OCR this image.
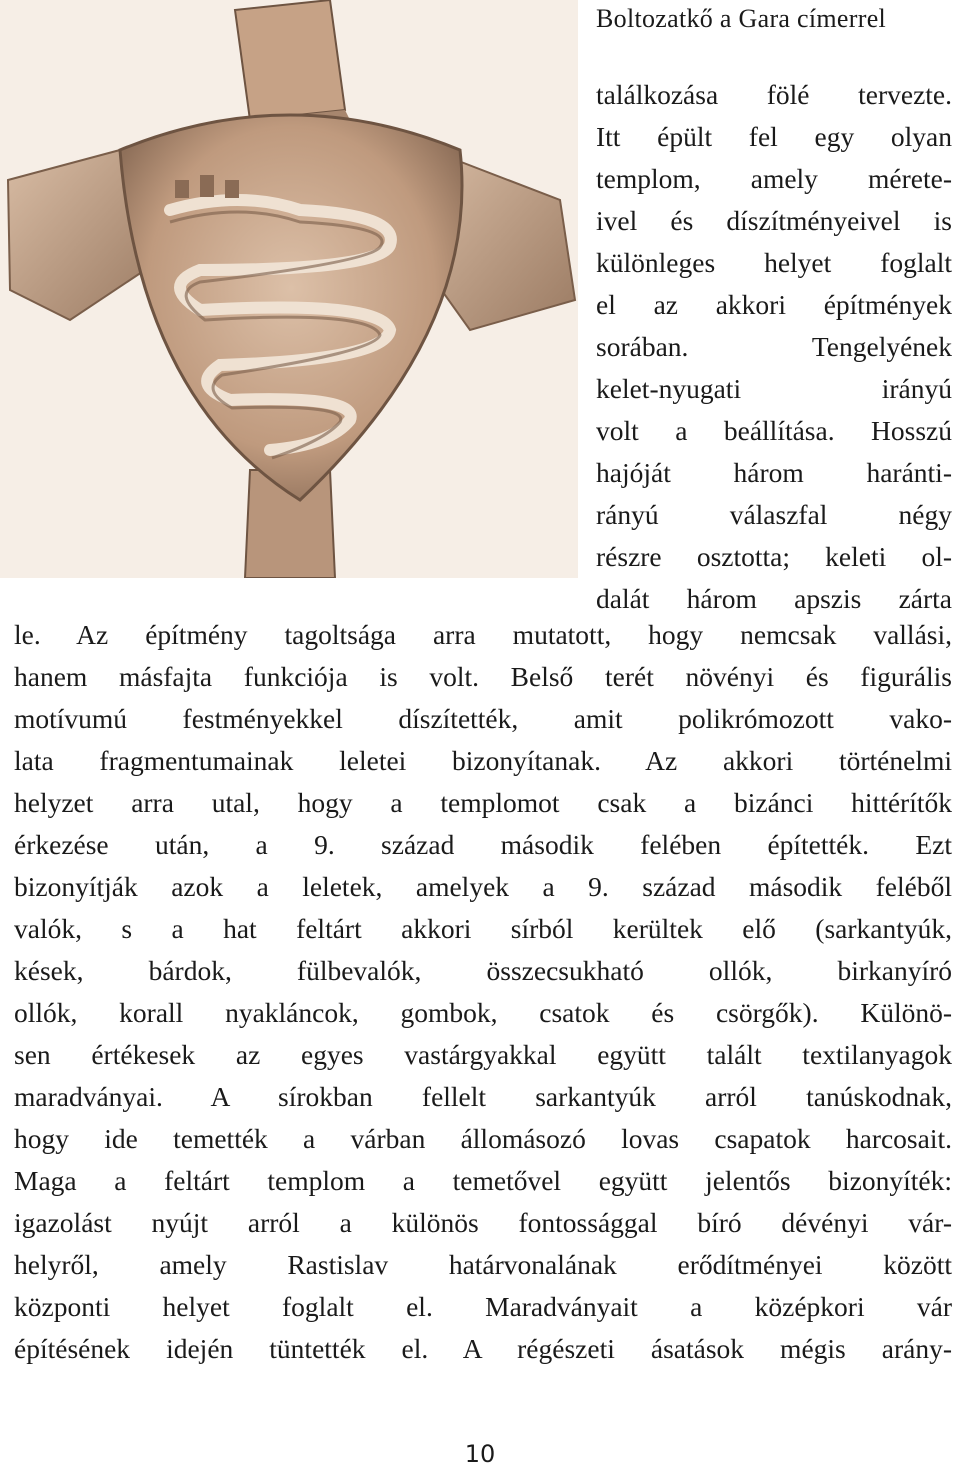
Boltozatkő a Gara címerrel
találkozása fölé tervezte.
Itt épült fel egy olyan
templom, amely mérete-
ivel és díszítményeivel is
különleges helyet foglalt
el az akkori építmények
sorában. Tengelyének
kelet-nyugati irányú
volt a beállítása. Hosszú
hajóját három haránti-
rányú válaszfal négy
részre osztotta; keleti ol-
dalát három apszis zárta
le. Az építmény tagoltsága arra mutatott, hogy nemcsak vallási,
hanem másfajta funkciója is volt. Belső terét növényi és figurális
motívumú festményekkel díszítették, amit polikrómozott vako-
lata fragmentumainak leletei bizonyítanak. Az akkori történelmi
helyzet arra utal, hogy a templomot csak a bizánci hittérítők
érkezése után, a 9. század második felében építették. Ezt
bizonyítják azok a leletek, amelyek a 9. század második feléből
valók, s a hat feltárt akkori sírból kerültek elő (sarkantyúk,
kések, bárdok, fülbevalók, összecsukható ollók, birkanyíró
ollók, korall nyakláncok, gombok, csatok és csörgők). Különö-
sen értékesek az egyes vastárgyakkal együtt talált textilanyagok
maradványai. A sírokban fellelt sarkantyúk arról tanúskodnak,
hogy ide temették a várban állomásozó lovas csapatok harcosait.
Maga a feltárt templom a temetővel együtt jelentős bizonyíték:
igazolást nyújt arról a különös fontossággal bíró dévényi vár-
helyről, amely Rastislav határvonalának erődítményei között
központi helyet foglalt el. Maradványait a középkori vár
építésének idején tüntették el. A régészeti ásatások mégis arány-
10
